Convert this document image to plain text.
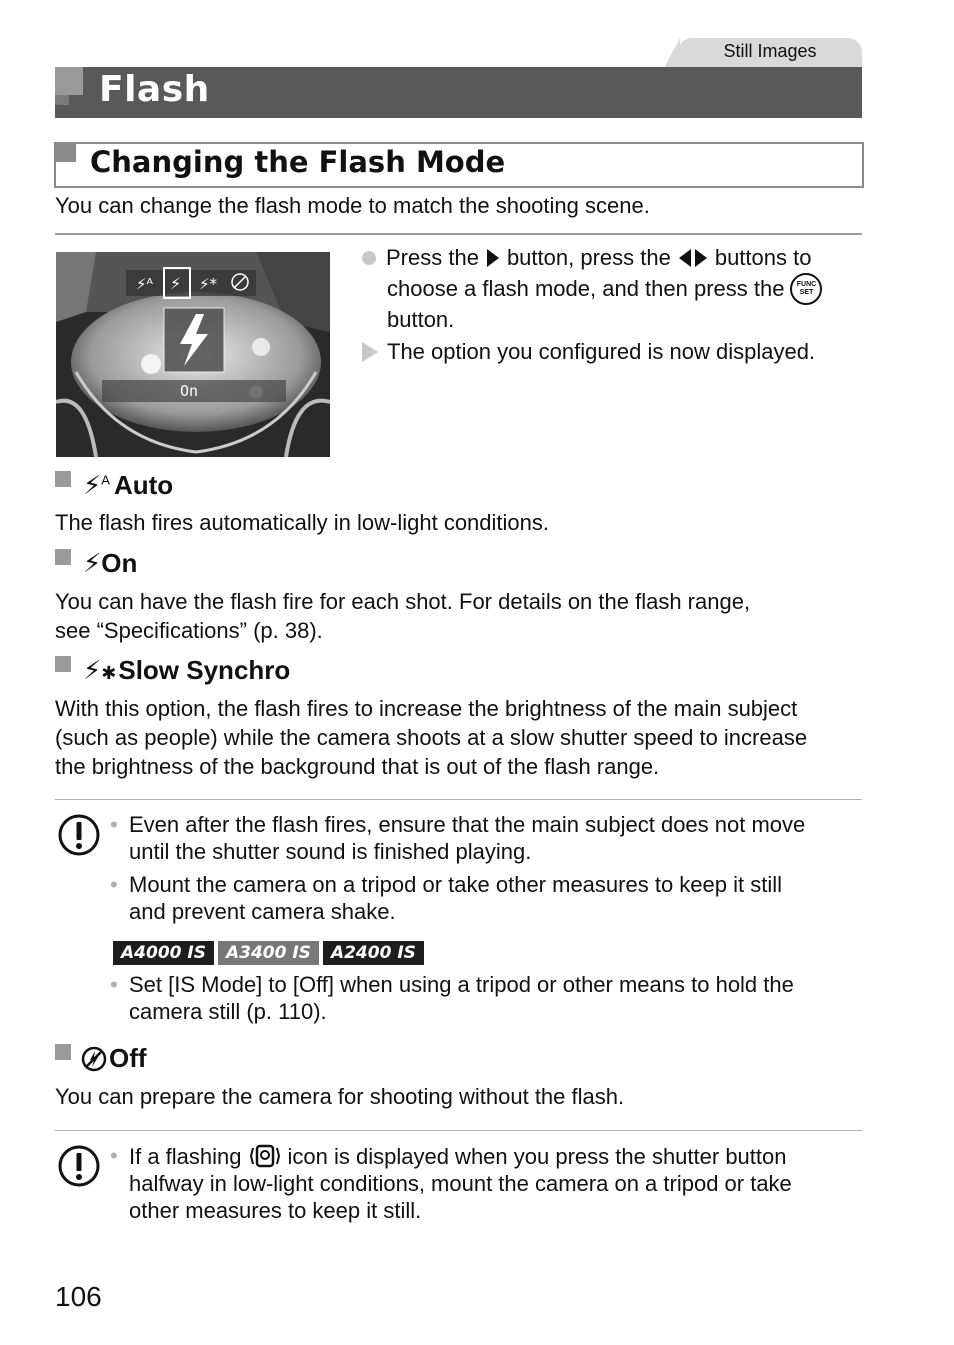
Still Images
Flash
Changing the Flash Mode
You can change the flash mode to match the shooting scene.
⚡ᴬ ⚡ ⚡*
On
Press the button, press the buttons to
choose a flash mode, and then press the	FUNC SET
button.
The option you configured is now displayed.
⚡$^A$ Auto
The flash fires automatically in low-light conditions.
⚡ On
You can have the flash fire for each shot. For details on the flash range,
see “Specifications” (p. 38).
⚡✱ Slow Synchro
With this option, the flash fires to increase the brightness of the main subject
(such as people) while the camera shoots at a slow shutter speed to increase
the brightness of the background that is out of the flash range.
• Even after the flash fires, ensure that the main subject does not move
until the shutter sound is finished playing.
• Mount the camera on a tripod or take other measures to keep it still
and prevent camera shake.
A4000 IS A3400 IS A2400 IS
• Set [IS Mode] to [Off] when using a tripod or other means to hold the
camera still (p. 110).
Off
You can prepare the camera for shooting without the flash.
• If a flashing icon is displayed when you press the shutter button
halfway in low-light conditions, mount the camera on a tripod or take
other measures to keep it still.
106
